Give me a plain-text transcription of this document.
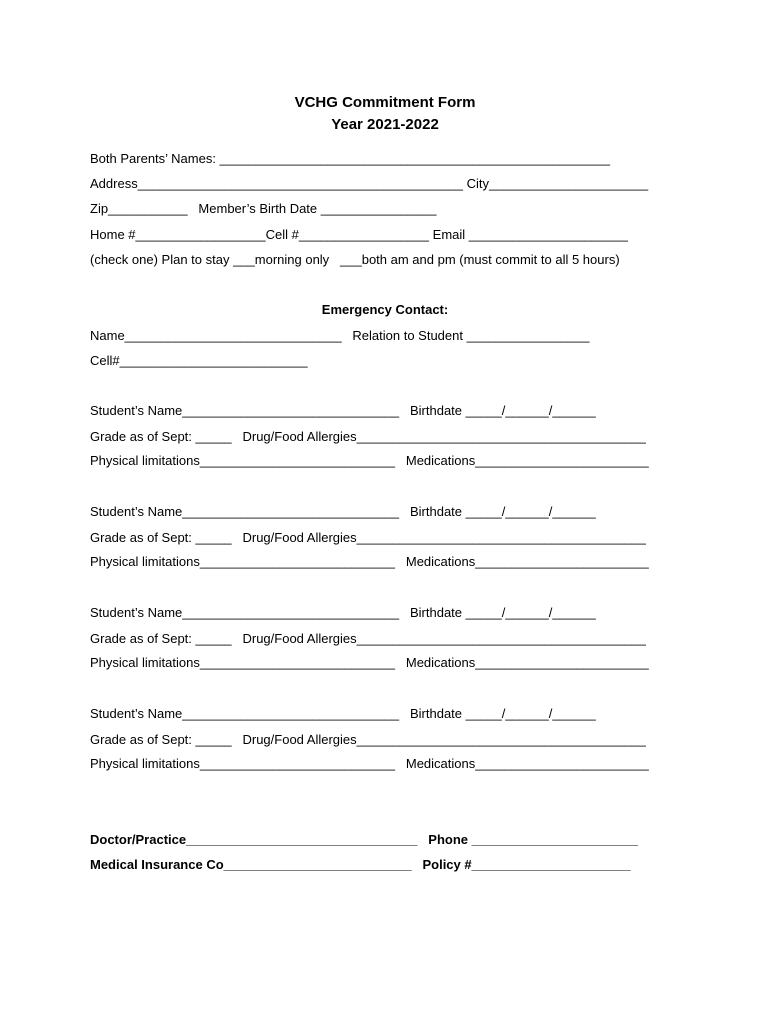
VCHG Commitment Form
Year 2021-2022
Both Parents’ Names: ______________________________________________________
Address_____________________________________________ City______________________
Zip___________   Member’s Birth Date ________________
Home #__________________Cell #__________________ Email ______________________
(check one) Plan to stay ___morning only   ___both am and pm (must commit to all 5 hours)
Emergency Contact:
Name______________________________   Relation to Student _________________
Cell#__________________________
Student’s Name______________________________   Birthdate _____/______/______
Grade as of Sept: _____   Drug/Food Allergies________________________________________
Physical limitations___________________________   Medications________________________
Student’s Name______________________________   Birthdate _____/______/______
Grade as of Sept: _____   Drug/Food Allergies________________________________________
Physical limitations___________________________   Medications________________________
Student’s Name______________________________   Birthdate _____/______/______
Grade as of Sept: _____   Drug/Food Allergies________________________________________
Physical limitations___________________________   Medications________________________
Student’s Name______________________________   Birthdate _____/______/______
Grade as of Sept: _____   Drug/Food Allergies________________________________________
Physical limitations___________________________   Medications________________________
Doctor/Practice________________________________   Phone _______________________
Medical Insurance Co__________________________   Policy #______________________
